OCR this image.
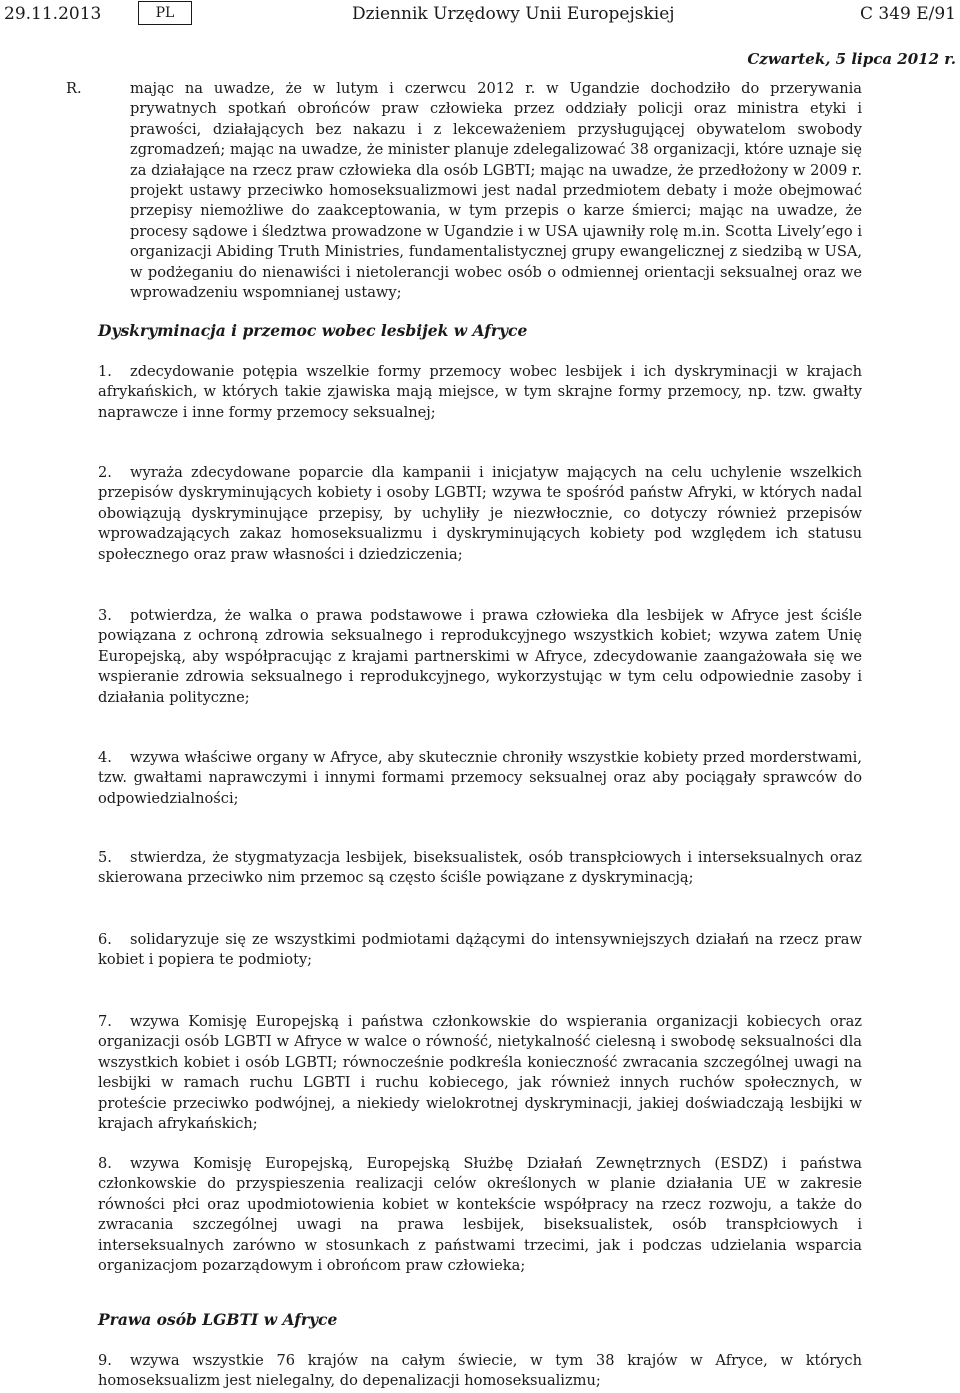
29.11.2013	PL	Dziennik Urzędowy Unii Europejskiej	C 349 E/91
Czwartek, 5 lipca 2012 r.

R.	mając na uwadze, że w lutym i czerwcu 2012 r. w Ugandzie dochodziło do przerywania prywatnych spotkań obrońców praw człowieka przez oddziały policji oraz ministra etyki i prawości, działających bez nakazu i z lekceważeniem przysługującej obywatelom swobody zgromadzeń; mając na uwadze, że minister planuje zdelegalizować 38 organizacji, które uznaje się za działające na rzecz praw człowieka dla osób LGBTI; mając na uwadze, że przedłożony w 2009 r. projekt ustawy przeciwko homoseksualizmowi jest nadal przedmiotem debaty i może obejmować przepisy niemożliwe do zaakceptowania, w tym przepis o karze śmierci; mając na uwadze, że procesy sądowe i śledztwa prowadzone w Ugandzie i w USA ujawniły rolę m.in. Scotta Lively’ego i organizacji Abiding Truth Ministries, fundamentalistycznej grupy ewangelicznej z siedzibą w USA, w podżeganiu do nienawiści i nietolerancji wobec osób o odmiennej orientacji seksualnej oraz we wprowadzeniu wspomnianej ustawy;

Dyskryminacja i przemoc wobec lesbijek w Afryce

1. zdecydowanie potępia wszelkie formy przemocy wobec lesbijek i ich dyskryminacji w krajach afrykańskich, w których takie zjawiska mają miejsce, w tym skrajne formy przemocy, np. tzw. gwałty naprawcze i inne formy przemocy seksualnej;

2. wyraża zdecydowane poparcie dla kampanii i inicjatyw mających na celu uchylenie wszelkich przepisów dyskryminujących kobiety i osoby LGBTI; wzywa te spośród państw Afryki, w których nadal obowiązują dyskryminujące przepisy, by uchyliły je niezwłocznie, co dotyczy również przepisów wprowadzających zakaz homoseksualizmu i dyskryminujących kobiety pod względem ich statusu społecznego oraz praw własności i dziedziczenia;

3. potwierdza, że walka o prawa podstawowe i prawa człowieka dla lesbijek w Afryce jest ściśle powiązana z ochroną zdrowia seksualnego i reprodukcyjnego wszystkich kobiet; wzywa zatem Unię Europejską, aby współpracując z krajami partnerskimi w Afryce, zdecydowanie zaangażowała się we wspieranie zdrowia seksualnego i reprodukcyjnego, wykorzystując w tym celu odpowiednie zasoby i działania polityczne;

4. wzywa właściwe organy w Afryce, aby skutecznie chroniły wszystkie kobiety przed morderstwami, tzw. gwałtami naprawczymi i innymi formami przemocy seksualnej oraz aby pociągały sprawców do odpowiedzialności;

5. stwierdza, że stygmatyzacja lesbijek, biseksualistek, osób transpłciowych i interseksualnych oraz skierowana przeciwko nim przemoc są często ściśle powiązane z dyskryminacją;

6. solidaryzuje się ze wszystkimi podmiotami dążącymi do intensywniejszych działań na rzecz praw kobiet i popiera te podmioty;

7. wzywa Komisję Europejską i państwa członkowskie do wspierania organizacji kobiecych oraz organizacji osób LGBTI w Afryce w walce o równość, nietykalność cielesną i swobodę seksualności dla wszystkich kobiet i osób LGBTI; równocześnie podkreśla konieczność zwracania szczególnej uwagi na lesbijki w ramach ruchu LGBTI i ruchu kobiecego, jak również innych ruchów społecznych, w proteście przeciwko podwójnej, a niekiedy wielokrotnej dyskryminacji, jakiej doświadczają lesbijki w krajach afrykańskich;

8. wzywa Komisję Europejską, Europejską Służbę Działań Zewnętrznych (ESDZ) i państwa członkowskie do przyspieszenia realizacji celów określonych w planie działania UE w zakresie równości płci oraz upodmiotowienia kobiet w kontekście współpracy na rzecz rozwoju, a także do zwracania szczególnej uwagi na prawa lesbijek, biseksualistek, osób transpłciowych i interseksualnych zarówno w stosunkach z państwami trzecimi, jak i podczas udzielania wsparcia organizacjom pozarządowym i obrońcom praw człowieka;

Prawa osób LGBTI w Afryce

9. wzywa wszystkie 76 krajów na całym świecie, w tym 38 krajów w Afryce, w których homoseksualizm jest nielegalny, do depenalizacji homoseksualizmu;
